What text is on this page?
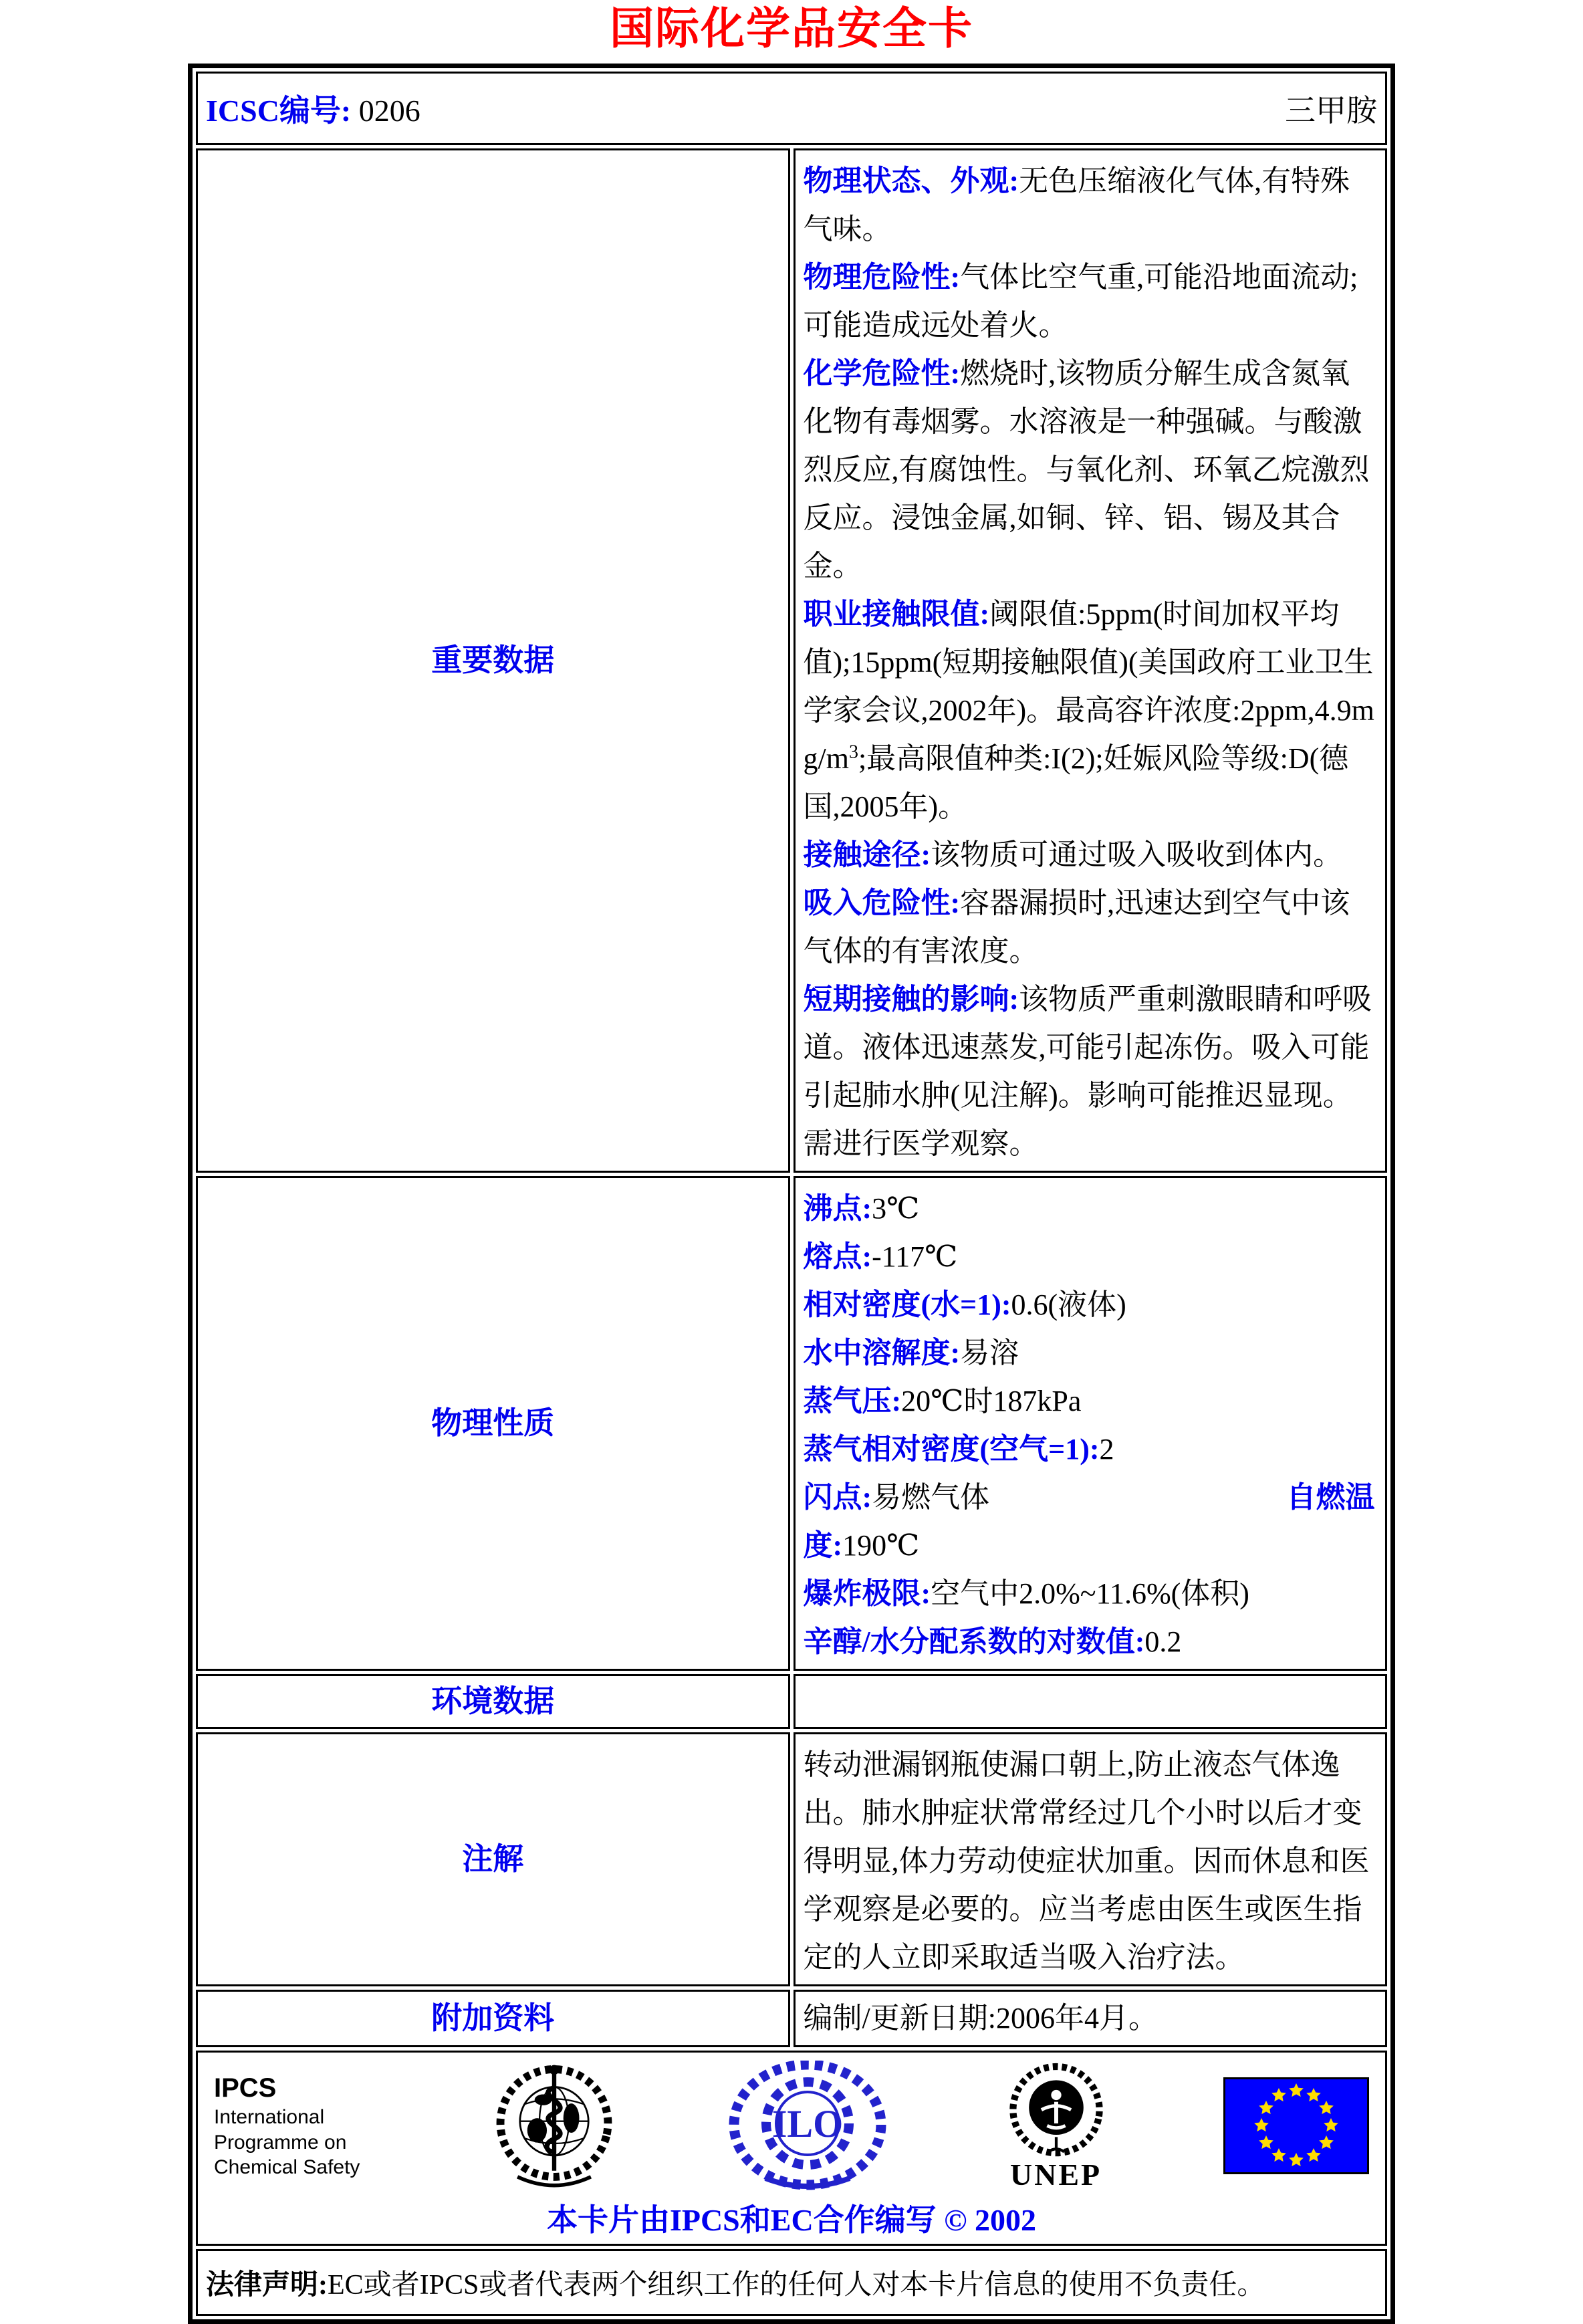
国际化学品安全卡
ICSC编号: 0206 三甲胺	

重要数据	
物理状态、外观:无色压缩液化气体,有特殊气味。
物理危险性:气体比空气重,可能沿地面流动;可能造成远处着火。
化学危险性:燃烧时,该物质分解生成含氮氧化物有毒烟雾。水溶液是一种强碱。与酸激烈反应,有腐蚀性。与氧化剂、环氧乙烷激烈反应。浸蚀金属,如铜、锌、铝、锡及其合金。
职业接触限值:阈限值:5ppm(时间加权平均值);15ppm(短期接触限值)(美国政府工业卫生学家会议,2002年)。最高容许浓度$:2ppm,4.9mg/m^3$;最高限值种类:I(2);妊娠风险等级:D(德国,2005年)。
接触途径:该物质可通过吸入吸收到体内。
吸入危险性:容器漏损时,迅速达到空气中该气体的有害浓度。
短期接触的影响:该物质严重刺激眼睛和呼吸道。液体迅速蒸发,可能引起冻伤。吸入可能引起肺水肿(见注解)。影响可能推迟显现。需进行医学观察。

物理性质	
沸点:3℃
熔点:-117℃
相对密度(水=1):0.6(液体)
水中溶解度:易溶
蒸气压:20℃时187kPa
蒸气相对密度(空气=1):2
闪点:易燃气体	自燃温度:190℃
爆炸极限:空气中2.0%~11.6%(体积)
辛醇/水分配系数的对数值:0.2

环境数据	
注解	转动泄漏钢瓶使漏口朝上,防止液态气体逸出。肺水肿症状常常经过几个小时以后才变得明显,体力劳动使症状加重。因而休息和医学观察是必要的。应当考虑由医生或医生指定的人立即采取适当吸入治疗法。

附加资料	编制/更新日期:2006年4月。

IPCS
International
Programme on
Chemical Safety
ILO
UNEP
本卡片由IPCS和EC合作编写 © 2002

法律声明:EC或者IPCS或者代表两个组织工作的任何人对本卡片信息的使用不负责任。	
